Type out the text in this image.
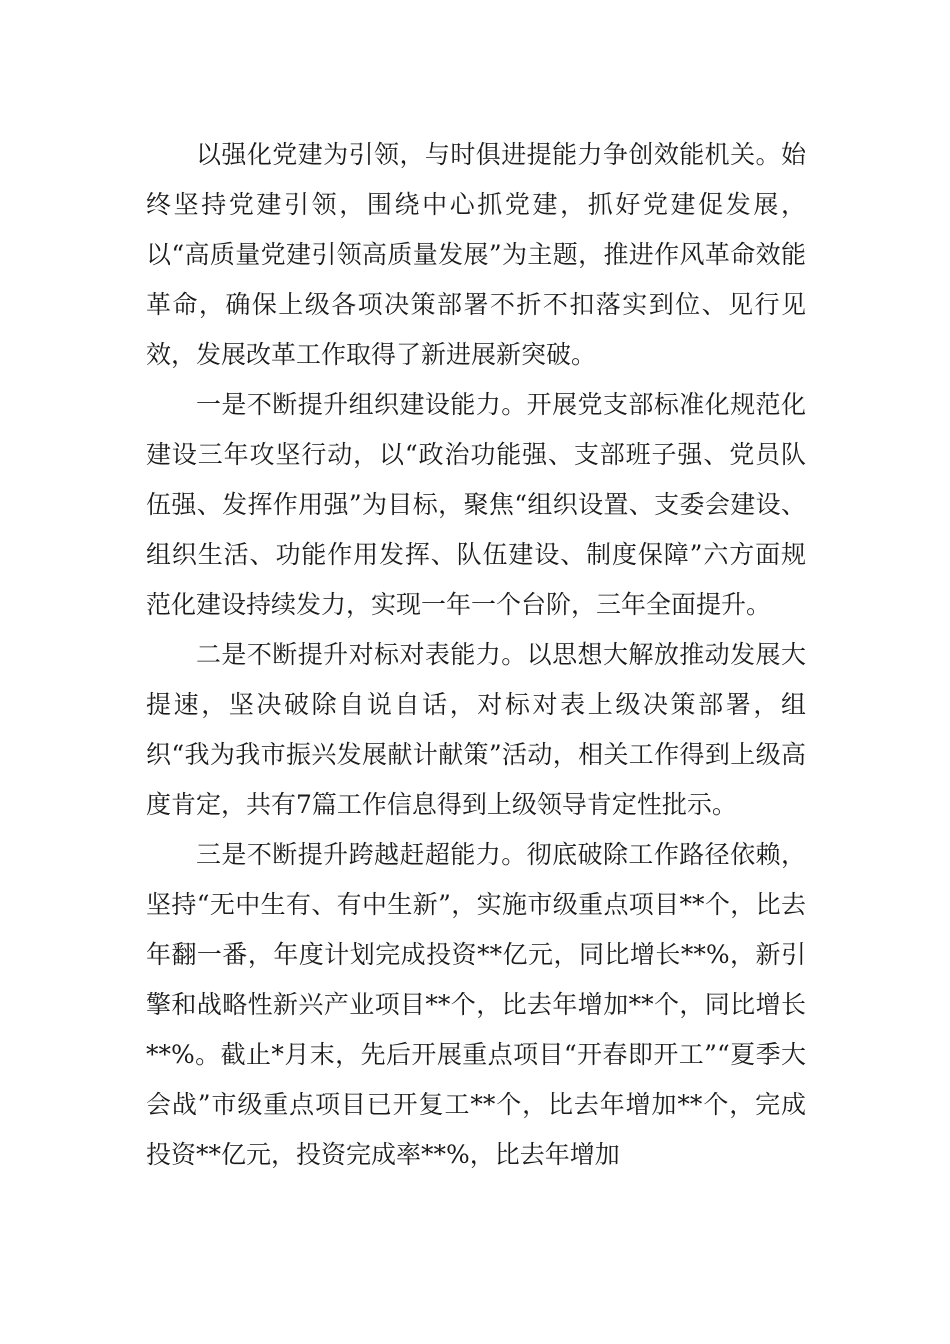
以强化党建为引领，与时俱进提能力争创效能机关。始终坚持党建引领，围绕中心抓党建，抓好党建促发展，以“高质量党建引领高质量发展”为主题，推进作风革命效能革命，确保上级各项决策部署不折不扣落实到位、见行见效，发展改革工作取得了新进展新突破。

一是不断提升组织建设能力。开展党支部标准化规范化建设三年攻坚行动，以“政治功能强、支部班子强、党员队伍强、发挥作用强”为目标，聚焦“组织设置、支委会建设、组织生活、功能作用发挥、队伍建设、制度保障”六方面规范化建设持续发力，实现一年一个台阶，三年全面提升。

二是不断提升对标对表能力。以思想大解放推动发展大提速，坚决破除自说自话，对标对表上级决策部署，组织“我为我市振兴发展献计献策”活动，相关工作得到上级高度肯定，共有7篇工作信息得到上级领导肯定性批示。

三是不断提升跨越赶超能力。彻底破除工作路径依赖，坚持“无中生有、有中生新”，实施市级重点项目**个，比去年翻一番，年度计划完成投资**亿元，同比增长**%，新引擎和战略性新兴产业项目**个，比去年增加**个，同比增长**%。截止*月末，先后开展重点项目“开春即开工”“夏季大会战”市级重点项目已开复工**个，比去年增加**个，完成投资**亿元，投资完成率**%，比去年增加
